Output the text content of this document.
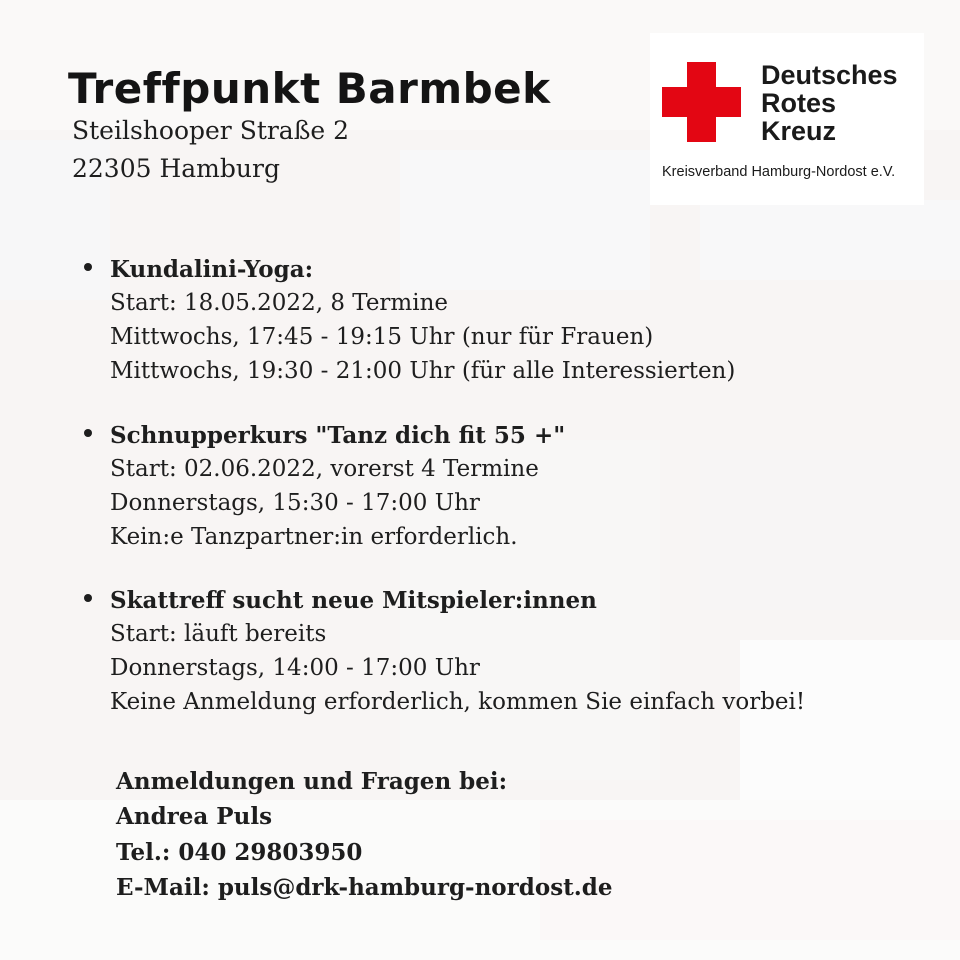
Treffpunkt Barmbek

Steilshooper Straße 2

22305 Hamburg

Deutsches
Rotes
Kreuz
Kreisverband Hamburg-Nordost e.V.
Kundalini-Yoga:
Start: 18.05.2022, 8 Termine
Mittwochs, 17:45 - 19:15 Uhr (nur für Frauen)
Mittwochs, 19:30 - 21:00 Uhr (für alle Interessierten)
Schnupperkurs "Tanz dich fit 55 +"
Start: 02.06.2022, vorerst 4 Termine
Donnerstags, 15:30 - 17:00 Uhr
Kein:e Tanzpartner:in erforderlich.
Skattreff sucht neue Mitspieler:innen
Start: läuft bereits
Donnerstags, 14:00 - 17:00 Uhr
Keine Anmeldung erforderlich, kommen Sie einfach vorbei!
Anmeldungen und Fragen bei:
Andrea Puls
Tel.: 040 29803950
E-Mail: puls@drk-hamburg-nordost.de
